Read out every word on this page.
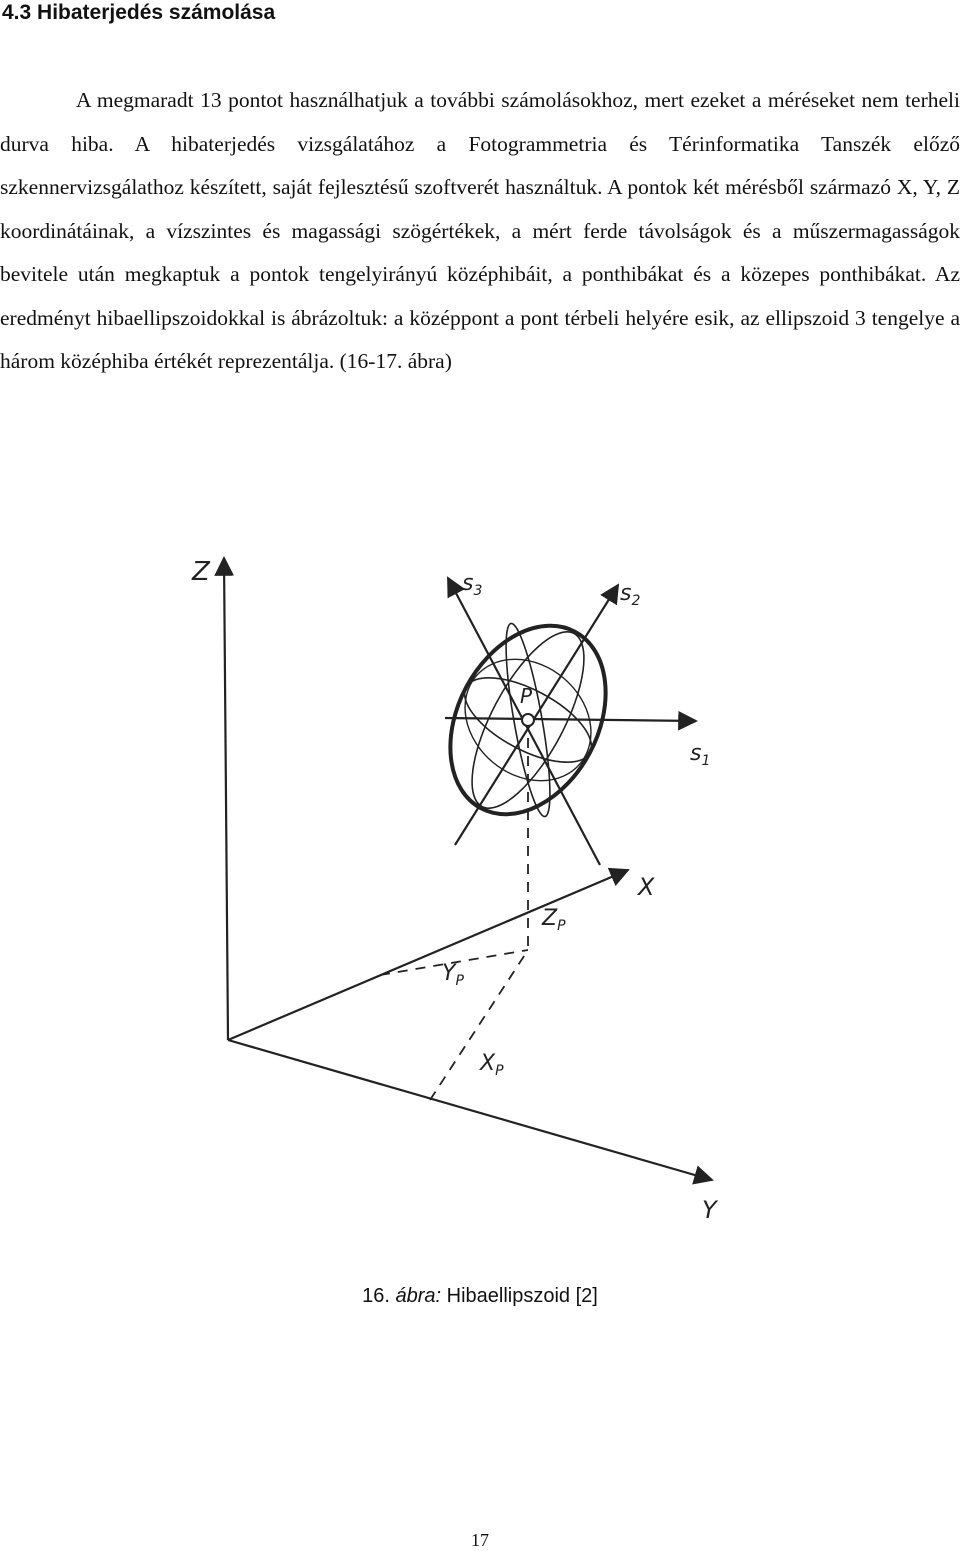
4.3 Hibaterjedés számolása

A megmaradt 13 pontot használhatjuk a további számolásokhoz, mert ezeket a méréseket nem terheli durva hiba. A hibaterjedés vizsgálatához a Fotogrammetria és Térinformatika Tanszék előző szkennervizsgálathoz készített, saját fejlesztésű szoftverét használtuk. A pontok két mérésből származó X, Y, Z koordinátáinak, a vízszintes és magassági szögértékek, a mért ferde távolságok és a műszermagasságok bevitele után megkaptuk a pontok tengelyirányú középhibáit, a ponthibákat és a közepes ponthibákat. Az eredményt hibaellipszoidokkal is ábrázoltuk: a középpont a pont térbeli helyére esik, az ellipszoid 3 tengelye a három középhiba értékét reprezentálja. (16-17. ábra)

Z
X
Y
P
$s_1$
$s_2$
$s_3$
$Z_P$
$Y_P$
$X_P$

16. ábra: Hibaellipszoid [2]

17
